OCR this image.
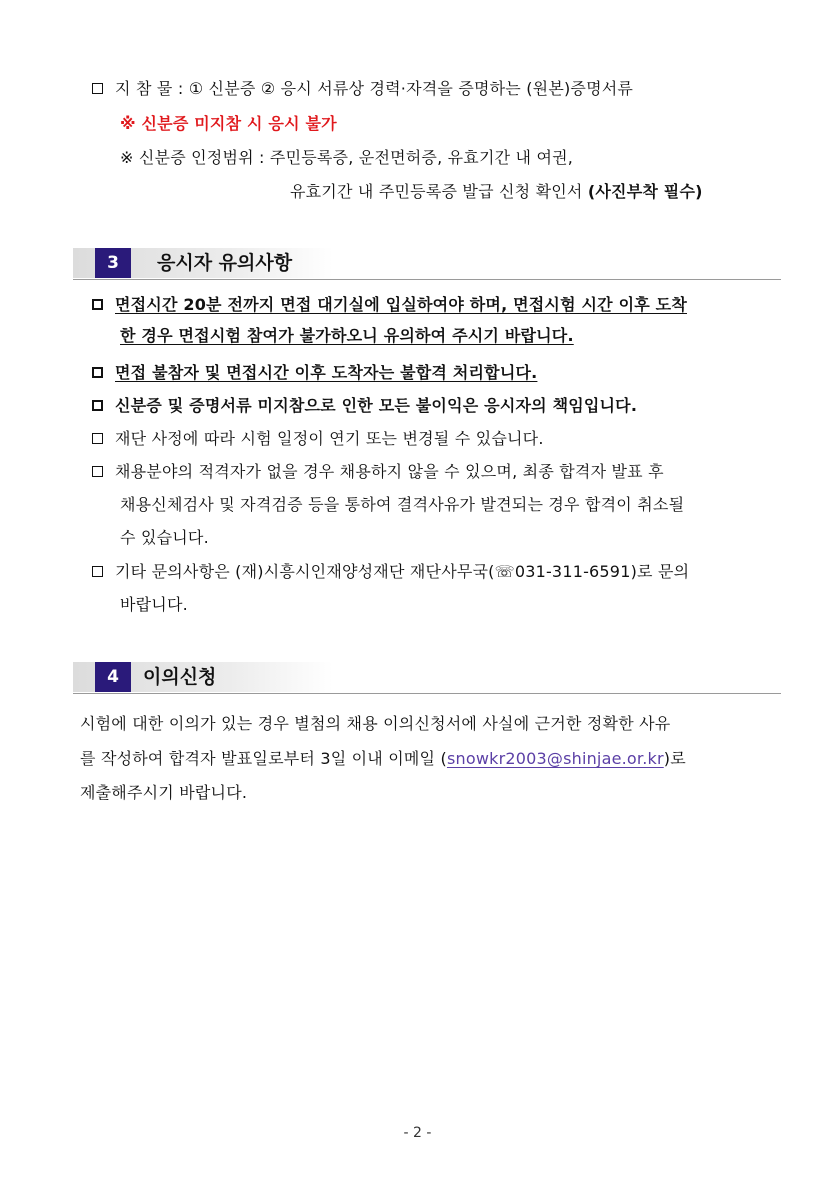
지 참 물 : ① 신분증 ② 응시 서류상 경력·자격을 증명하는 (원본)증명서류
※ 신분증 미지참 시 응시 불가
※ 신분증 인정범위 : 주민등록증, 운전면허증, 유효기간 내 여권,
유효기간 내 주민등록증 발급 신청 확인서 (사진부착 필수)
3	응시자 유의사항
면접시간 20분 전까지 면접 대기실에 입실하여야 하며, 면접시험 시간 이후 도착
한 경우 면접시험 참여가 불가하오니 유의하여 주시기 바랍니다.
면접 불참자 및 면접시간 이후 도착자는 불합격 처리합니다.
신분증 및 증명서류 미지참으로 인한 모든 불이익은 응시자의 책임입니다.
재단 사정에 따라 시험 일정이 연기 또는 변경될 수 있습니다.
채용분야의 적격자가 없을 경우 채용하지 않을 수 있으며, 최종 합격자 발표 후
채용신체검사 및 자격검증 등을 통하여 결격사유가 발견되는 경우 합격이 취소될
수 있습니다.
기타 문의사항은 (재)시흥시인재양성재단 재단사무국(☏031-311-6591)로 문의
바랍니다.
4	이의신청
시험에 대한 이의가 있는 경우 별첨의 채용 이의신청서에 사실에 근거한 정확한 사유
를 작성하여 합격자 발표일로부터 3일 이내 이메일 (snowkr2003@shinjae.or.kr)로
제출해주시기 바랍니다.
- 2 -
